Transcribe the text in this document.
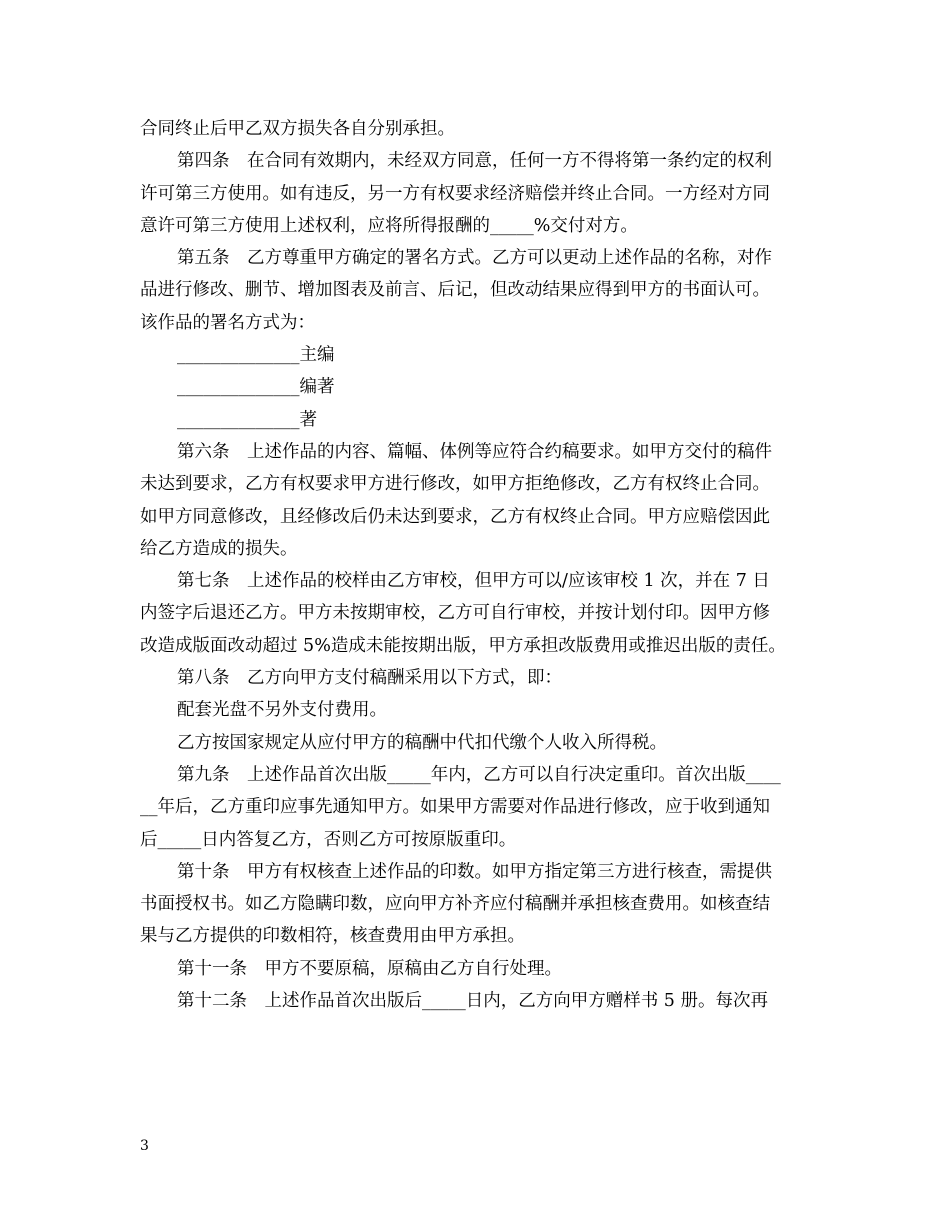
合同终止后甲乙双方损失各自分别承担。
第四条　在合同有效期内，未经双方同意，任何一方不得将第一条约定的权利
许可第三方使用。如有违反，另一方有权要求经济赔偿并终止合同。一方经对方同
意许可第三方使用上述权利，应将所得报酬的_____%交付对方。
第五条　乙方尊重甲方确定的署名方式。乙方可以更动上述作品的名称，对作
品进行修改、删节、增加图表及前言、后记，但改动结果应得到甲方的书面认可。
该作品的署名方式为：
______________主编
______________编著
______________著
第六条　上述作品的内容、篇幅、体例等应符合约稿要求。如甲方交付的稿件
未达到要求，乙方有权要求甲方进行修改，如甲方拒绝修改，乙方有权终止合同。
如甲方同意修改，且经修改后仍未达到要求，乙方有权终止合同。甲方应赔偿因此
给乙方造成的损失。
第七条　上述作品的校样由乙方审校，但甲方可以/应该审校 1 次，并在 7 日
内签字后退还乙方。甲方未按期审校，乙方可自行审校，并按计划付印。因甲方修
改造成版面改动超过 5%造成未能按期出版，甲方承担改版费用或推迟出版的责任。
第八条　乙方向甲方支付稿酬采用以下方式，即：
配套光盘不另外支付费用。
乙方按国家规定从应付甲方的稿酬中代扣代缴个人收入所得税。
第九条　上述作品首次出版_____年内，乙方可以自行决定重印。首次出版____
__年后，乙方重印应事先通知甲方。如果甲方需要对作品进行修改，应于收到通知
后_____日内答复乙方，否则乙方可按原版重印。
第十条　甲方有权核查上述作品的印数。如甲方指定第三方进行核查，需提供
书面授权书。如乙方隐瞒印数，应向甲方补齐应付稿酬并承担核查费用。如核查结
果与乙方提供的印数相符，核查费用由甲方承担。
第十一条　甲方不要原稿，原稿由乙方自行处理。
第十二条　上述作品首次出版后_____日内，乙方向甲方赠样书 5 册。每次再
3
